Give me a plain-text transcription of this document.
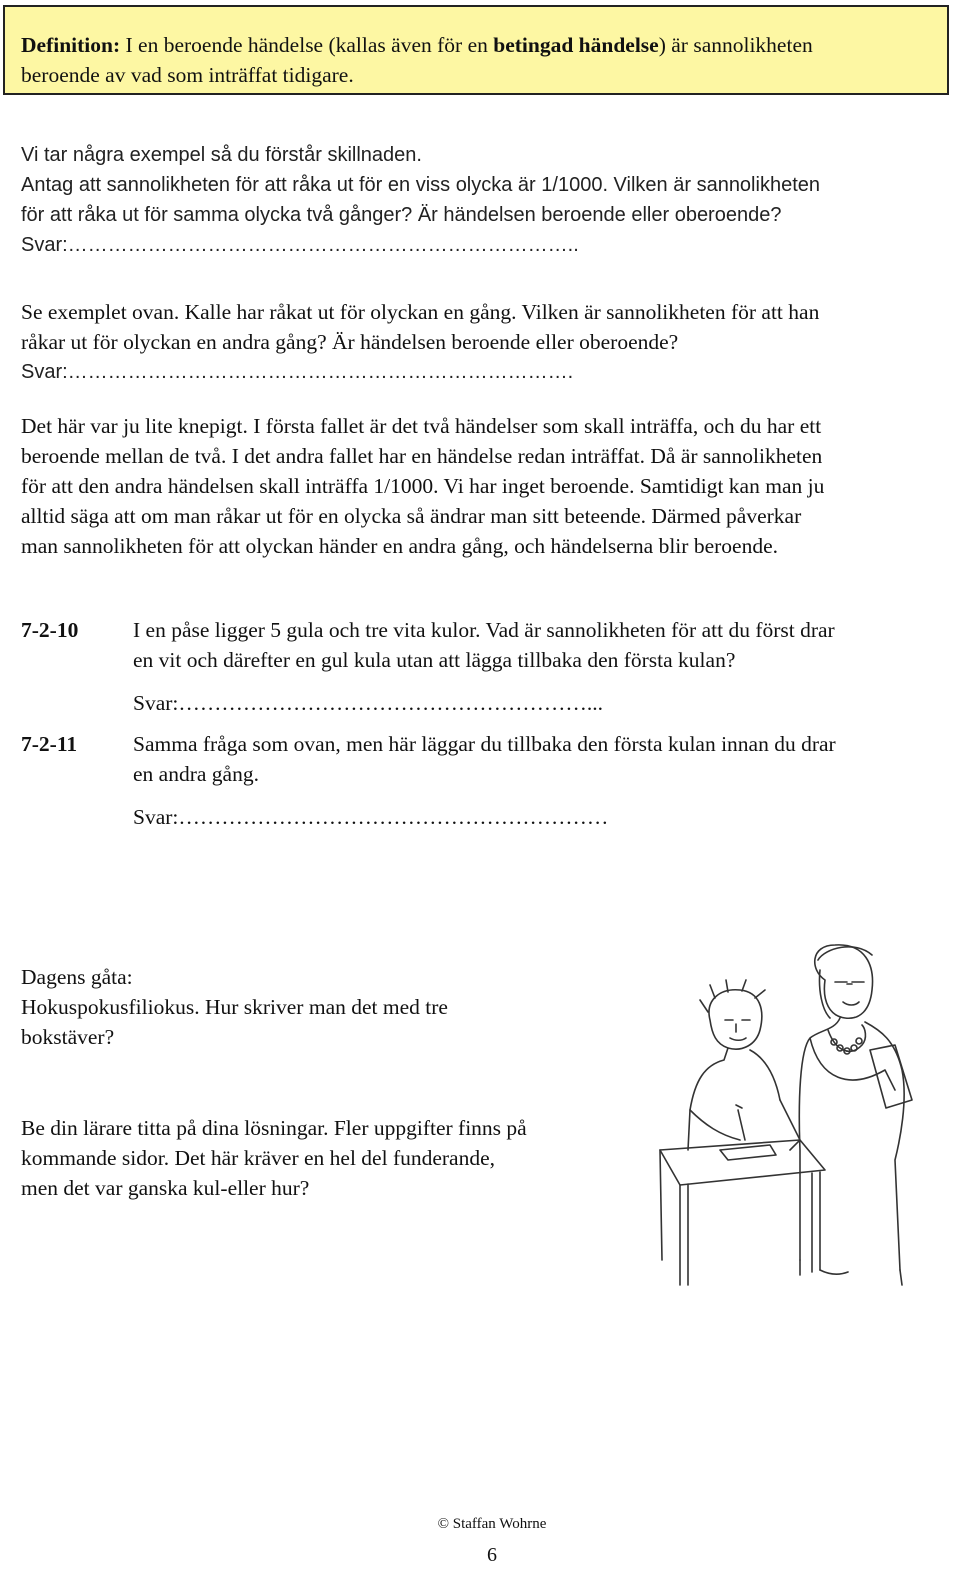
Definition: I en beroende händelse (kallas även för en betingad händelse) är sannolikheten
beroende av vad som inträffat tidigare.
Vi tar några exempel så du förstår skillnaden.
Antag att sannolikheten för att råka ut för en viss olycka är 1/1000. Vilken är sannolikheten
för att råka ut för samma olycka två gånger? Är händelsen beroende eller oberoende?
Svar:…………………………………………………………………..
Se exemplet ovan. Kalle har råkat ut för olyckan en gång. Vilken är sannolikheten för att han
råkar ut för olyckan en andra gång? Är händelsen beroende eller oberoende?
Svar:………………………………………………………………….
Det här var ju lite knepigt. I första fallet är det två händelser som skall inträffa, och du har ett
beroende mellan de två. I det andra fallet har en händelse redan inträffat. Då är sannolikheten
för att den andra händelsen skall inträffa 1/1000. Vi har inget beroende. Samtidigt kan man ju
alltid säga att om man råkar ut för en olycka så ändrar man sitt beteende. Därmed påverkar
man sannolikheten för att olyckan händer en andra gång, och händelserna blir beroende.
7-2-10	I en påse ligger 5 gula och tre vita kulor. Vad är sannolikheten för att du först drar
en vit och därefter en gul kula utan att lägga tillbaka den första kulan?
Svar:…………………………………………………...
7-2-11	Samma fråga som ovan, men här läggar du tillbaka den första kulan innan du drar
en andra gång.
Svar:……………………………………………………
Dagens gåta:
Hokuspokusfiliokus. Hur skriver man det med tre
bokstäver?
Be din lärare titta på dina lösningar. Fler uppgifter finns på
kommande sidor. Det här kräver en hel del funderande,
men det var ganska kul-eller hur?
© Staffan Wohrne
6
